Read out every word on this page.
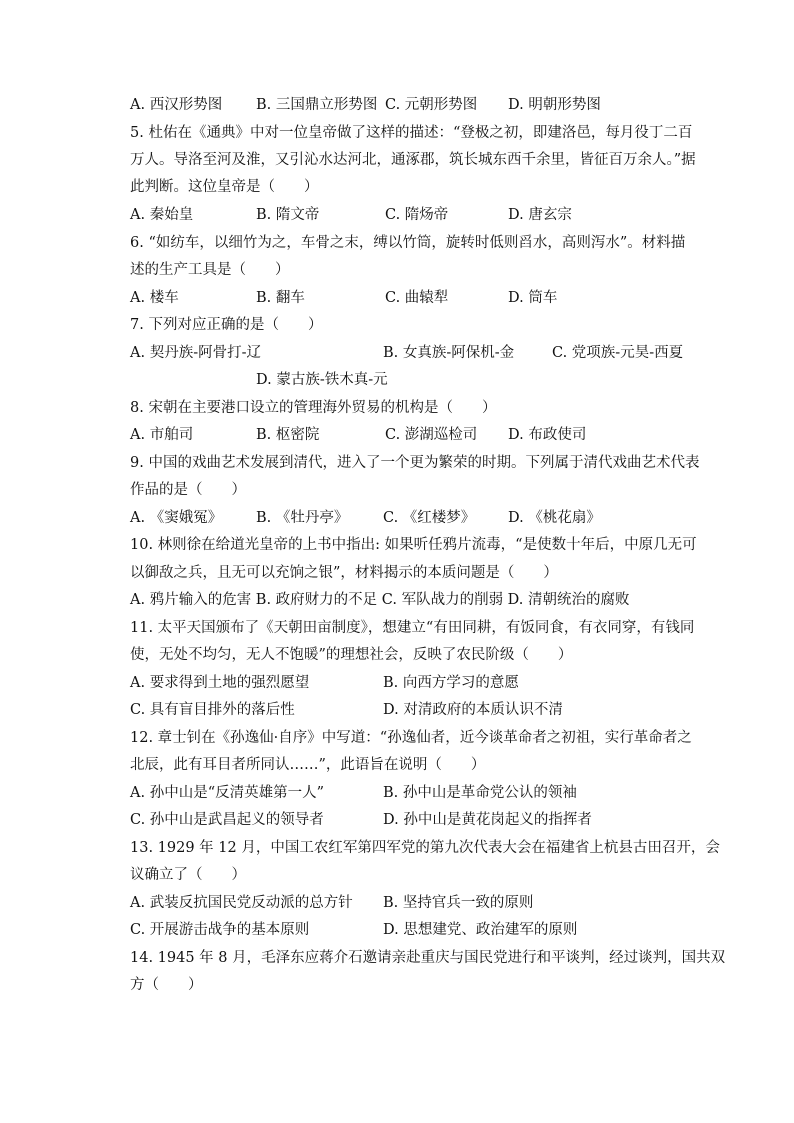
A. 西汉形势图 B. 三国鼎立形势图 C. 元朝形势图 D. 明朝形势图
5. 杜佑在《通典》中对一位皇帝做了这样的描述：“登极之初，即建洛邑，每月役丁二百
万人。导洛至河及淮，又引沁水达河北，通涿郡，筑长城东西千余里，皆征百万余人。”据
此判断。这位皇帝是（　　）
A. 秦始皇	B. 隋文帝	C. 隋炀帝	D. 唐玄宗
6. “如纺车，以细竹为之，车骨之末，缚以竹筒，旋转时低则舀水，高则泻水”。材料描
述的生产工具是（　　）
A. 楼车	B. 翻车	C. 曲辕犁	D. 筒车
7. 下列对应正确的是（　　）
A. 契丹族-阿骨打-辽	B. 女真族-阿保机-金	C. 党项族-元昊-西夏
D. 蒙古族-铁木真-元
8. 宋朝在主要港口设立的管理海外贸易的机构是（　　）
A. 市舶司	B. 枢密院	C. 澎湖巡检司 D. 布政使司
9. 中国的戏曲艺术发展到清代，进入了一个更为繁荣的时期。下列属于清代戏曲艺术代表
作品的是（　　）
A. 《窦娥冤》 B. 《牡丹亭》 C. 《红楼梦》 D. 《桃花扇》
10. 林则徐在给道光皇帝的上书中指出: 如果听任鸦片流毒，“是使数十年后，中原几无可
以御敌之兵，且无可以充饷之银”，材料揭示的本质问题是（　　）
A. 鸦片输入的危害 B. 政府财力的不足 C. 军队战力的削弱 D. 清朝统治的腐败
11. 太平天国颁布了《天朝田亩制度》，想建立“有田同耕，有饭同食，有衣同穿，有钱同
使，无处不均匀，无人不饱暖”的理想社会，反映了农民阶级（　　）
A. 要求得到土地的强烈愿望	B. 向西方学习的意愿
C. 具有盲目排外的落后性	D. 对清政府的本质认识不清
12. 章士钊在《孙逸仙·自序》中写道：“孙逸仙者，近今谈革命者之初祖，实行革命者之
北辰，此有耳目者所同认……”，此语旨在说明（　　）
A. 孙中山是“反清英雄第一人”	B. 孙中山是革命党公认的领袖
C. 孙中山是武昌起义的领导者	D. 孙中山是黄花岗起义的指挥者
13. 1929 年 12 月，中国工农红军第四军党的第九次代表大会在福建省上杭县古田召开，会
议确立了（　　）
A. 武装反抗国民党反动派的总方针 B. 坚持官兵一致的原则
C. 开展游击战争的基本原则	D. 思想建党、政治建军的原则
14. 1945 年 8 月，毛泽东应蒋介石邀请亲赴重庆与国民党进行和平谈判，经过谈判，国共双
方（　　）
